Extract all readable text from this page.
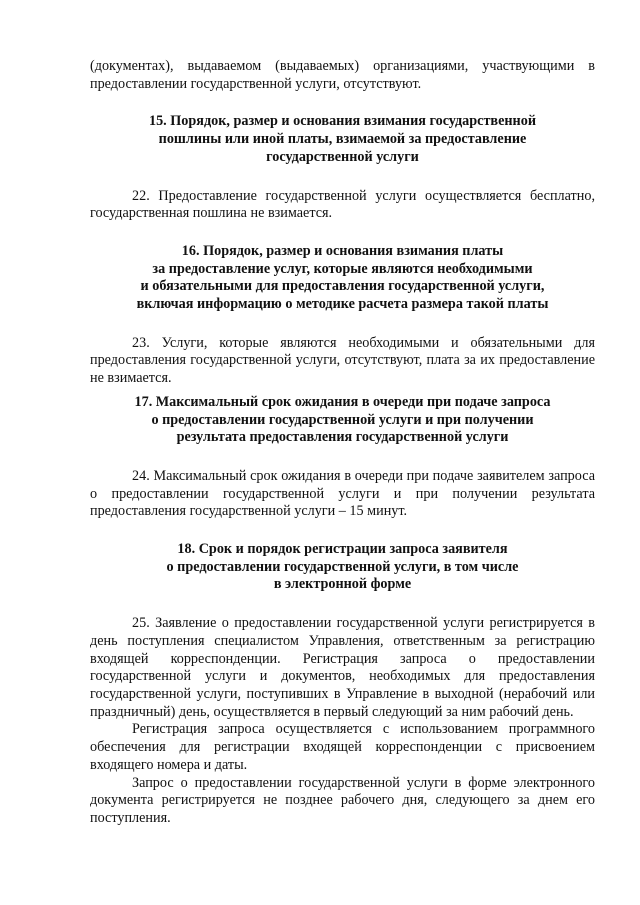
(документах), выдаваемом (выдаваемых) организациями, участвующими в предоставлении государственной услуги, отсутствуют.

15. Порядок, размер и основания взимания государственной
пошлины или иной платы, взимаемой за предоставление
государственной услуги

22. Предоставление государственной услуги осуществляется бесплатно, государственная пошлина не взимается.

16. Порядок, размер и основания взимания платы
за предоставление услуг, которые являются необходимыми
и обязательными для предоставления государственной услуги,
включая информацию о методике расчета размера такой платы

23. Услуги, которые являются необходимыми и обязательными для предоставления государственной услуги, отсутствуют, плата за их предоставление не взимается.

17. Максимальный срок ожидания в очереди при подаче запроса
о предоставлении государственной услуги и при получении
результата предоставления государственной услуги

24. Максимальный срок ожидания в очереди при подаче заявителем запроса о предоставлении государственной услуги и при получении результата предоставления государственной услуги – 15 минут.

18. Срок и порядок регистрации запроса заявителя
о предоставлении государственной услуги, в том числе
в электронной форме

25. Заявление о предоставлении государственной услуги регистрируется в день поступления специалистом Управления, ответственным за регистрацию входящей корреспонденции. Регистрация запроса о предоставлении государственной услуги и документов, необходимых для предоставления государственной услуги, поступивших в Управление в выходной (нерабочий или праздничный) день, осуществляется в первый следующий за ним рабочий день.

Регистрация запроса осуществляется с использованием программного обеспечения для регистрации входящей корреспонденции с присвоением входящего номера и даты.

Запрос о предоставлении государственной услуги в форме электронного документа регистрируется не позднее рабочего дня, следующего за днем его поступления.
